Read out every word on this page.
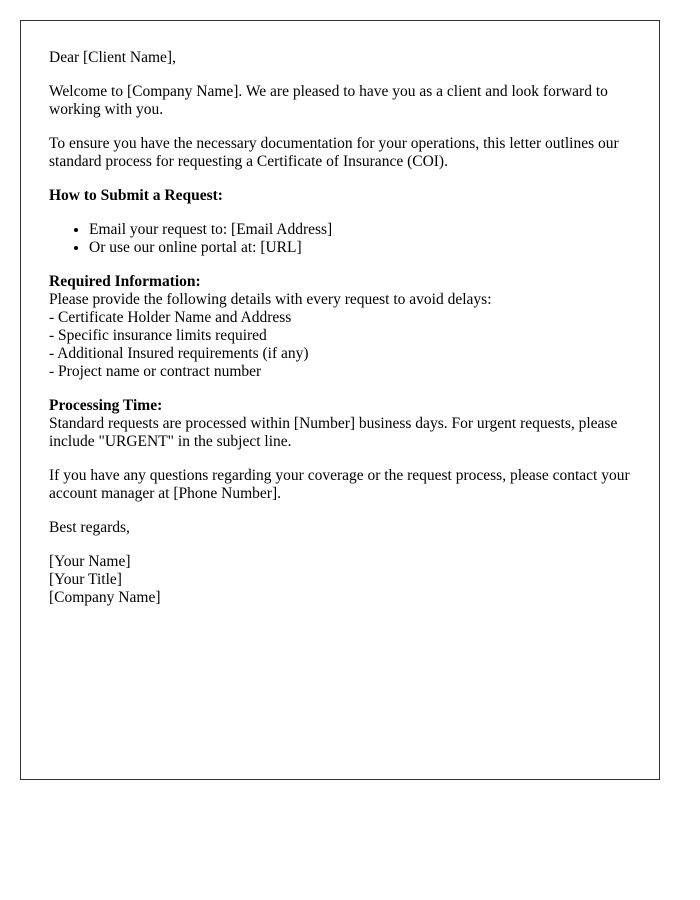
Dear [Client Name],

Welcome to [Company Name]. We are pleased to have you as a client and look forward to working with you.

To ensure you have the necessary documentation for your operations, this letter outlines our standard process for requesting a Certificate of Insurance (COI).

How to Submit a Request:
• Email your request to: [Email Address]
• Or use our online portal at: [URL]
Required Information:
Please provide the following details with every request to avoid delays:
- Certificate Holder Name and Address
- Specific insurance limits required
- Additional Insured requirements (if any)
- Project name or contract number
Processing Time:
Standard requests are processed within [Number] business days. For urgent requests, please include "URGENT" in the subject line.

If you have any questions regarding your coverage or the request process, please contact your account manager at [Phone Number].

Best regards,

[Your Name]
[Your Title]
[Company Name]
